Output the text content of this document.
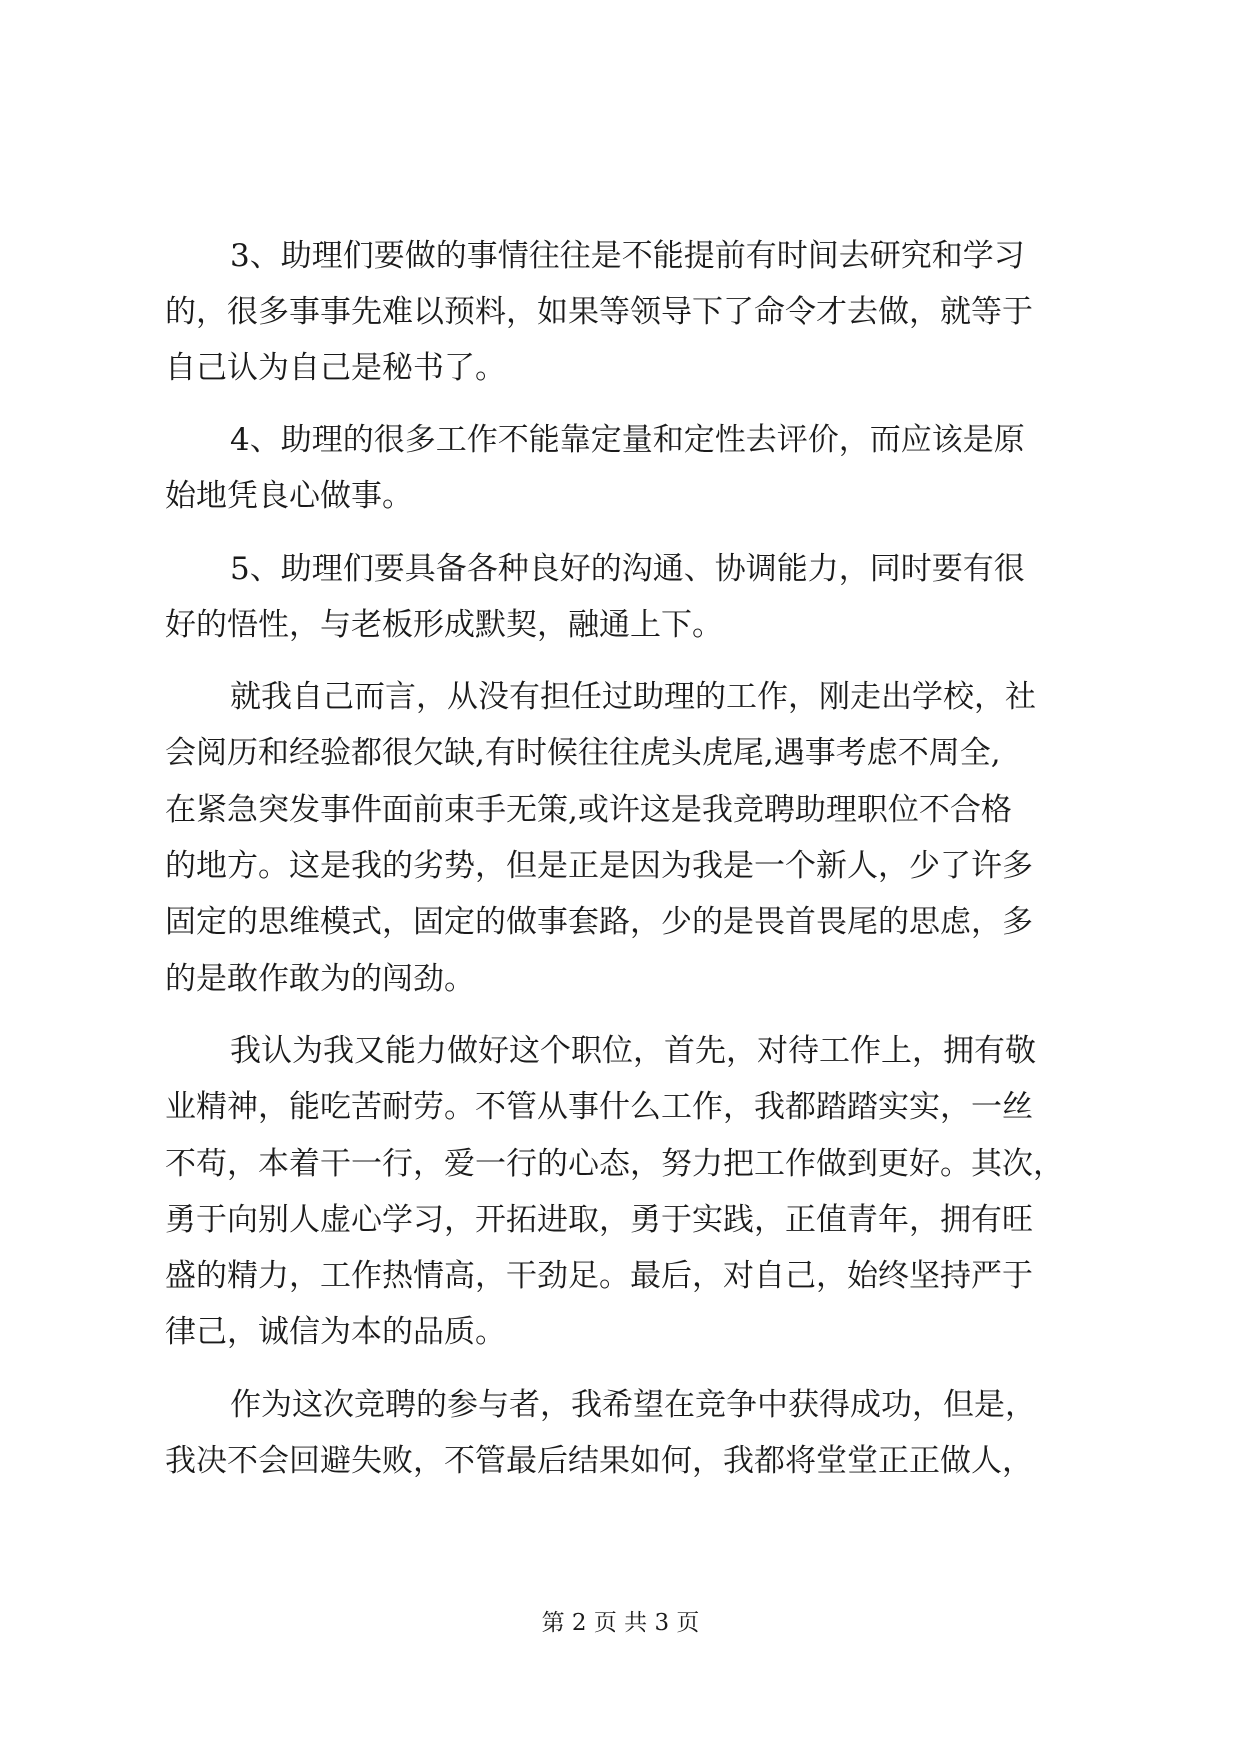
3、助理们要做的事情往往是不能提前有时间去研究和学习
的，很多事事先难以预料，如果等领导下了命令才去做，就等于
自己认为自己是秘书了。
4、助理的很多工作不能靠定量和定性去评价，而应该是原
始地凭良心做事。
5、助理们要具备各种良好的沟通、协调能力，同时要有很
好的悟性，与老板形成默契，融通上下。
就我自己而言，从没有担任过助理的工作，刚走出学校，社
会阅历和经验都很欠缺,有时候往往虎头虎尾,遇事考虑不周全,
在紧急突发事件面前束手无策,或许这是我竞聘助理职位不合格
的地方。这是我的劣势，但是正是因为我是一个新人，少了许多
固定的思维模式，固定的做事套路，少的是畏首畏尾的思虑，多
的是敢作敢为的闯劲。
我认为我又能力做好这个职位，首先，对待工作上，拥有敬
业精神，能吃苦耐劳。不管从事什么工作，我都踏踏实实，一丝
不苟，本着干一行，爱一行的心态，努力把工作做到更好。其次，
勇于向别人虚心学习，开拓进取，勇于实践，正值青年，拥有旺
盛的精力，工作热情高，干劲足。最后，对自己，始终坚持严于
律己，诚信为本的品质。
作为这次竞聘的参与者，我希望在竞争中获得成功，但是，
我决不会回避失败，不管最后结果如何，我都将堂堂正正做人，
第 2 页 共 3 页
